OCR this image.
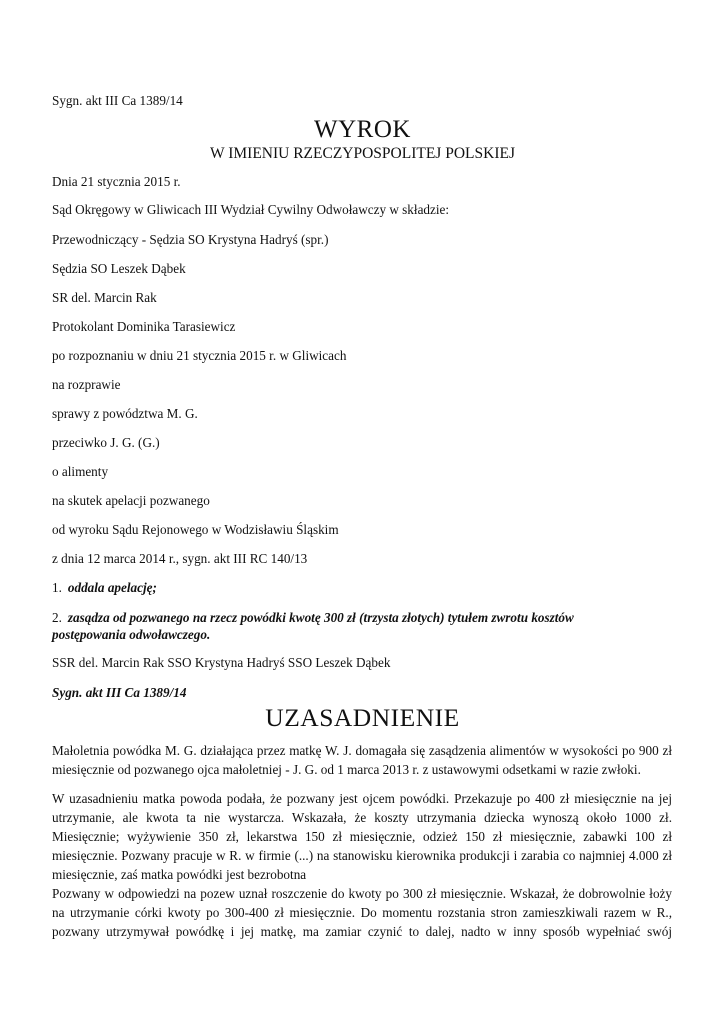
Sygn. akt III Ca 1389/14
WYROK
W IMIENIU RZECZYPOSPOLITEJ POLSKIEJ
Dnia 21 stycznia 2015 r.
Sąd Okręgowy w Gliwicach III Wydział Cywilny Odwoławczy w składzie:
Przewodniczący - Sędzia SO Krystyna Hadryś (spr.)
Sędzia SO Leszek Dąbek
SR del. Marcin Rak
Protokolant Dominika Tarasiewicz
po rozpoznaniu w dniu 21 stycznia 2015 r. w Gliwicach
na rozprawie
sprawy z powództwa M. G.
przeciwko J. G. (G.)
o alimenty
na skutek apelacji pozwanego
od wyroku Sądu Rejonowego w Wodzisławiu Śląskim
z dnia 12 marca 2014 r., sygn. akt III RC 140/13
1. oddala apelację;
2. zasądza od pozwanego na rzecz powódki kwotę 300 zł (trzysta złotych) tytułem zwrotu kosztów
postępowania odwoławczego.
SSR del. Marcin Rak SSO Krystyna Hadryś SSO Leszek Dąbek
Sygn. akt III Ca 1389/14
UZASADNIENIE
Małoletnia powódka M. G. działająca przez matkę W. J. domagała się zasądzenia alimentów w wysokości po 900 zł miesięcznie od pozwanego ojca małoletniej - J. G. od 1 marca 2013 r. z ustawowymi odsetkami w razie zwłoki.
W uzasadnieniu matka powoda podała, że pozwany jest ojcem powódki. Przekazuje po 400 zł miesięcznie na jej utrzymanie, ale kwota ta nie wystarcza. Wskazała, że koszty utrzymania dziecka wynoszą około 1000 zł. Miesięcznie; wyżywienie 350 zł, lekarstwa 150 zł miesięcznie, odzież 150 zł miesięcznie, zabawki 100 zł miesięcznie. Pozwany pracuje w R. w firmie (...) na stanowisku kierownika produkcji i zarabia co najmniej 4.000 zł miesięcznie, zaś matka powódki jest bezrobotna
Pozwany w odpowiedzi na pozew uznał roszczenie do kwoty po 300 zł miesięcznie. Wskazał, że dobrowolnie łoży na utrzymanie córki kwoty po 300-400 zł miesięcznie. Do momentu rozstania stron zamieszkiwali razem w R., pozwany utrzymywał powódkę i jej matkę, ma zamiar czynić to dalej, nadto w inny sposób wypełniać swój
